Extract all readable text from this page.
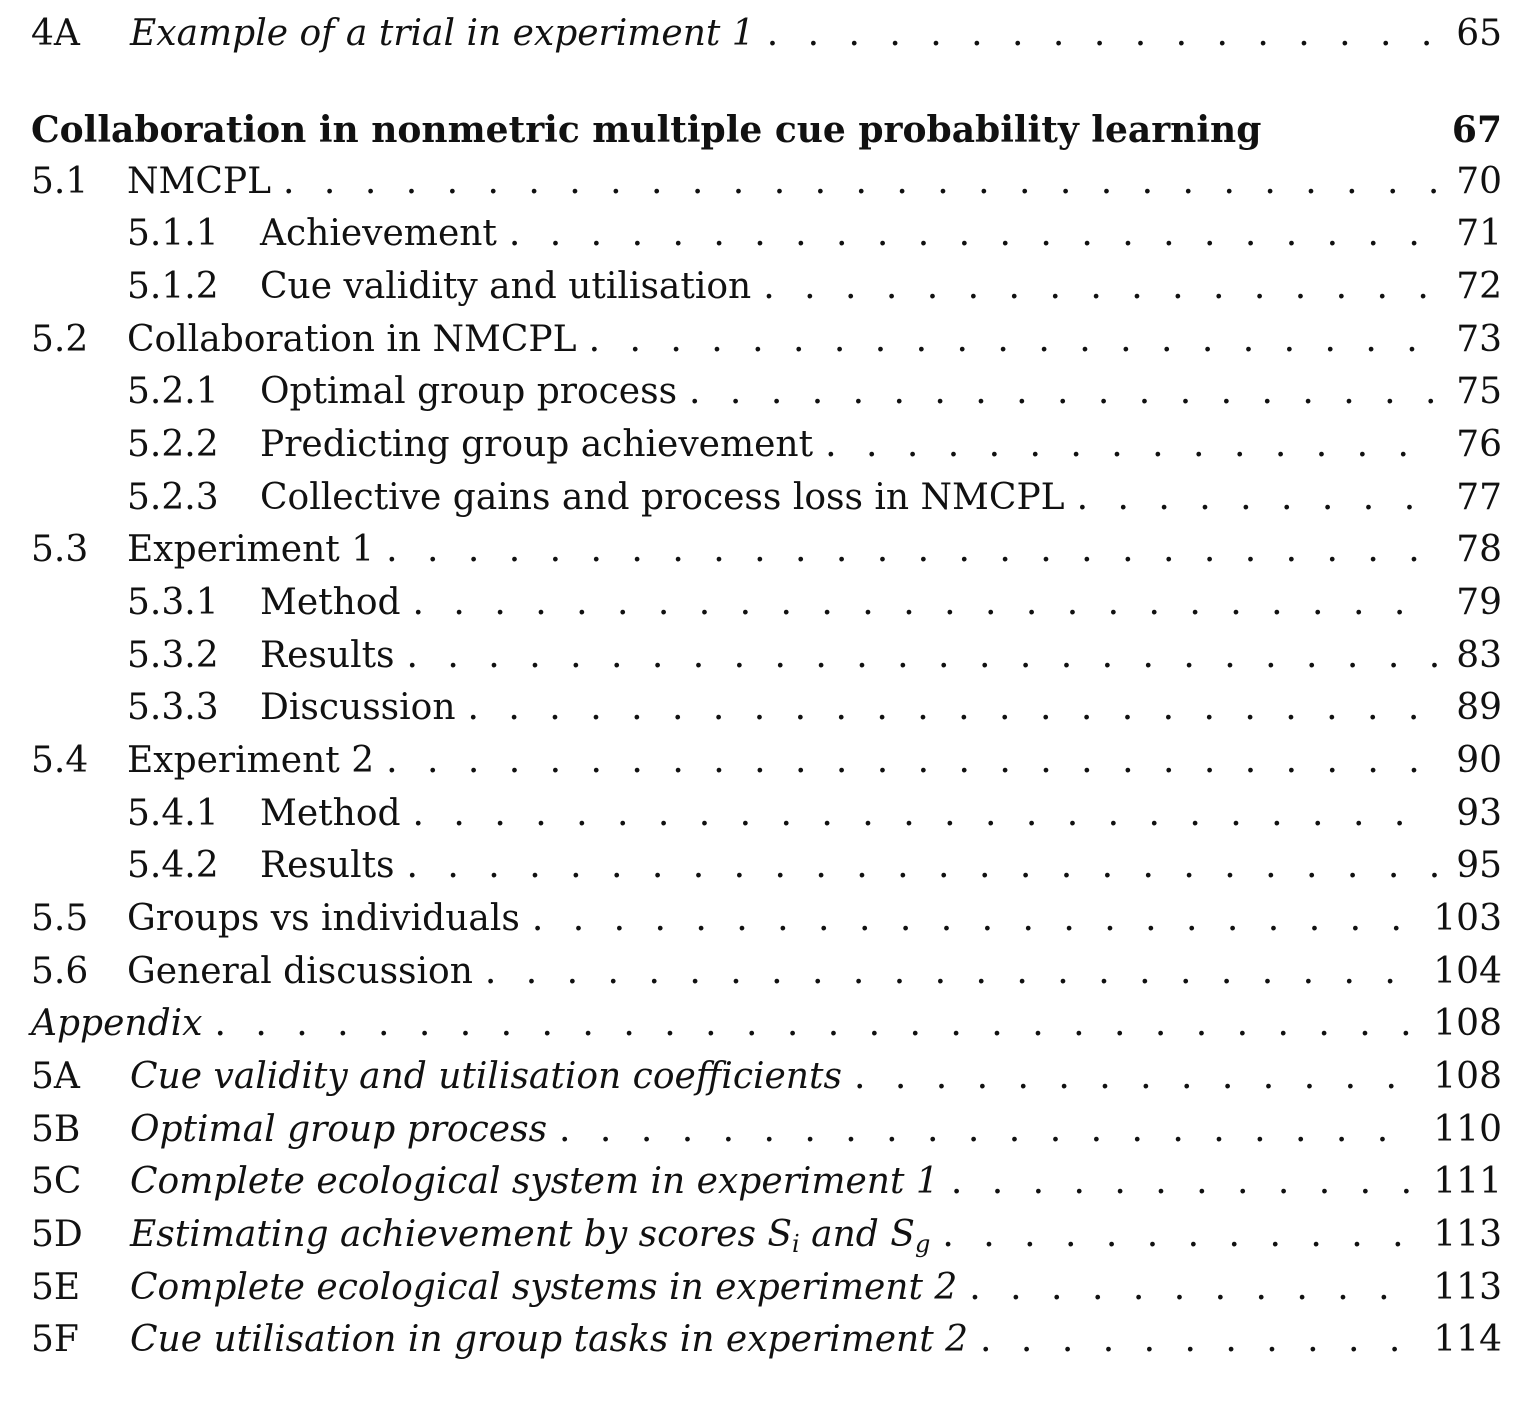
4A	Example of a trial in experiment 1 . . .	65
Collaboration in nonmetric multiple cue probability learning	67
5.1	NMCPL . . .	70
5.1.1	Achievement . . .	71
5.1.2	Cue validity and utilisation . . .	72
5.2	Collaboration in NMCPL . . .	73
5.2.1	Optimal group process . . .	75
5.2.2	Predicting group achievement . . .	76
5.2.3	Collective gains and process loss in NMCPL . . .	77
5.3	Experiment 1 . . .	78
5.3.1	Method . . .	79
5.3.2	Results . . .	83
5.3.3	Discussion . . .	89
5.4	Experiment 2 . . .	90
5.4.1	Method . . .	93
5.4.2	Results . . .	95
5.5	Groups vs individuals . . .	103
5.6	General discussion . . .	104
Appendix . . .	108
5A	Cue validity and utilisation coefficients . . .	108
5B	Optimal group process . . .	110
5C	Complete ecological system in experiment 1 . . .	111
5D	Estimating achievement by scores $S_i$ and $S_g$ . . .	113
5E	Complete ecological systems in experiment 2 . . .	113
5F	Cue utilisation in group tasks in experiment 2 . . .	114
